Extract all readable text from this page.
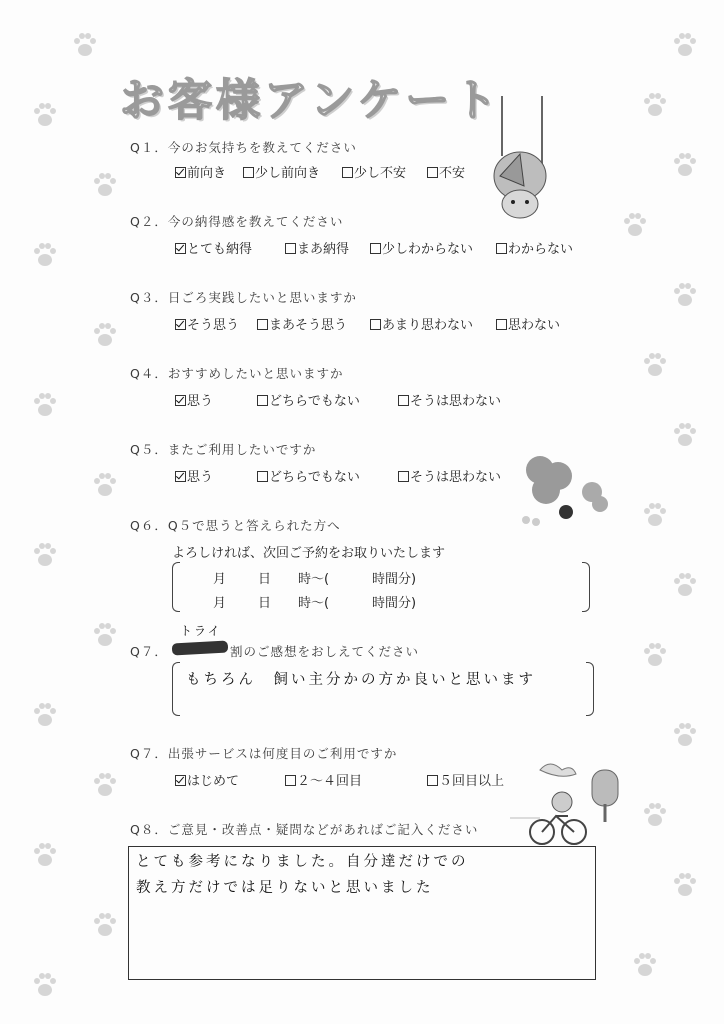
お客様アンケート
Q１．今のお気持ちを教えてください
前向き	少し前向き	少し不安	不安
Q２．今の納得感を教えてください
とても納得	まあ納得	少しわからない	わからない
Q３．日ごろ実践したいと思いますか
そう思う	まあそう思う	あまり思わない	思わない
Q４．おすすめしたいと思いますか
思う	どちらでもない	そうは思わない
Q５．またご利用したいですか
思う	どちらでもない	そうは思わない
Q６．Q５で思うと答えられた方へ
よろしければ、次回ご予約をお取りいたします
月 日 時〜(	時間分)
月 日 時〜(	時間分)
トライ
Q７．	割のご感想をおしえてください
もちろん　飼い主分かの方か良いと思います
Q７．出張サービスは何度目のご利用ですか
はじめて	２〜４回目	５回目以上
Q８．ご意見・改善点・疑問などがあればご記入ください
とても参考になりました。自分達だけでの
教え方だけでは足りないと思いました
